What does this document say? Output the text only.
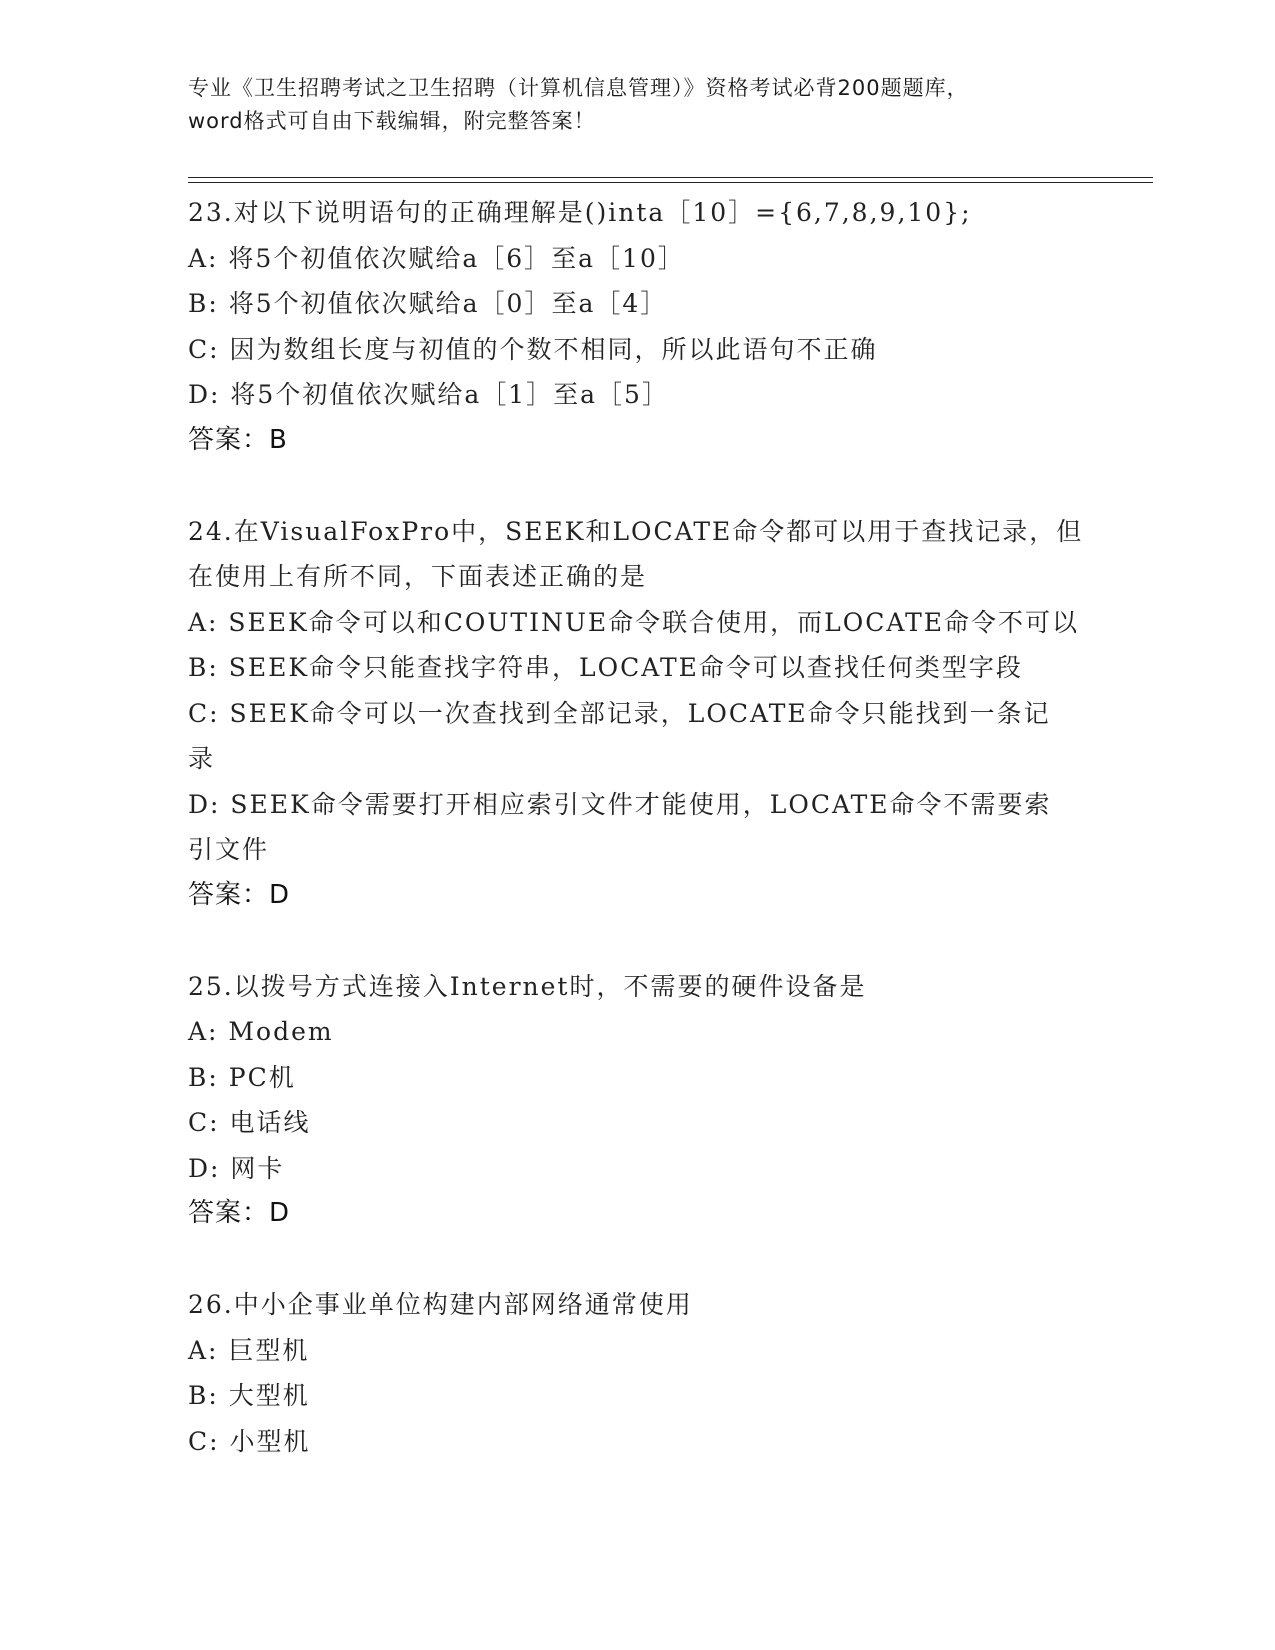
专业《卫生招聘考试之卫生招聘（计算机信息管理）》资格考试必背200题题库，
word格式可自由下载编辑，附完整答案！
23.对以下说明语句的正确理解是()inta［10］={6,7,8,9,10};
A: 将5个初值依次赋给a［6］至a［10］
B: 将5个初值依次赋给a［0］至a［4］
C: 因为数组长度与初值的个数不相同，所以此语句不正确
D: 将5个初值依次赋给a［1］至a［5］
答案：B
24.在VisualFoxPro中，SEEK和LOCATE命令都可以用于查找记录，但
在使用上有所不同，下面表述正确的是
A: SEEK命令可以和COUTINUE命令联合使用，而LOCATE命令不可以
B: SEEK命令只能查找字符串，LOCATE命令可以查找任何类型字段
C: SEEK命令可以一次查找到全部记录，LOCATE命令只能找到一条记
录
D: SEEK命令需要打开相应索引文件才能使用，LOCATE命令不需要索
引文件
答案：D
25.以拨号方式连接入Internet时，不需要的硬件设备是
A: Modem
B: PC机
C: 电话线
D: 网卡
答案：D
26.中小企事业单位构建内部网络通常使用
A: 巨型机
B: 大型机
C: 小型机
